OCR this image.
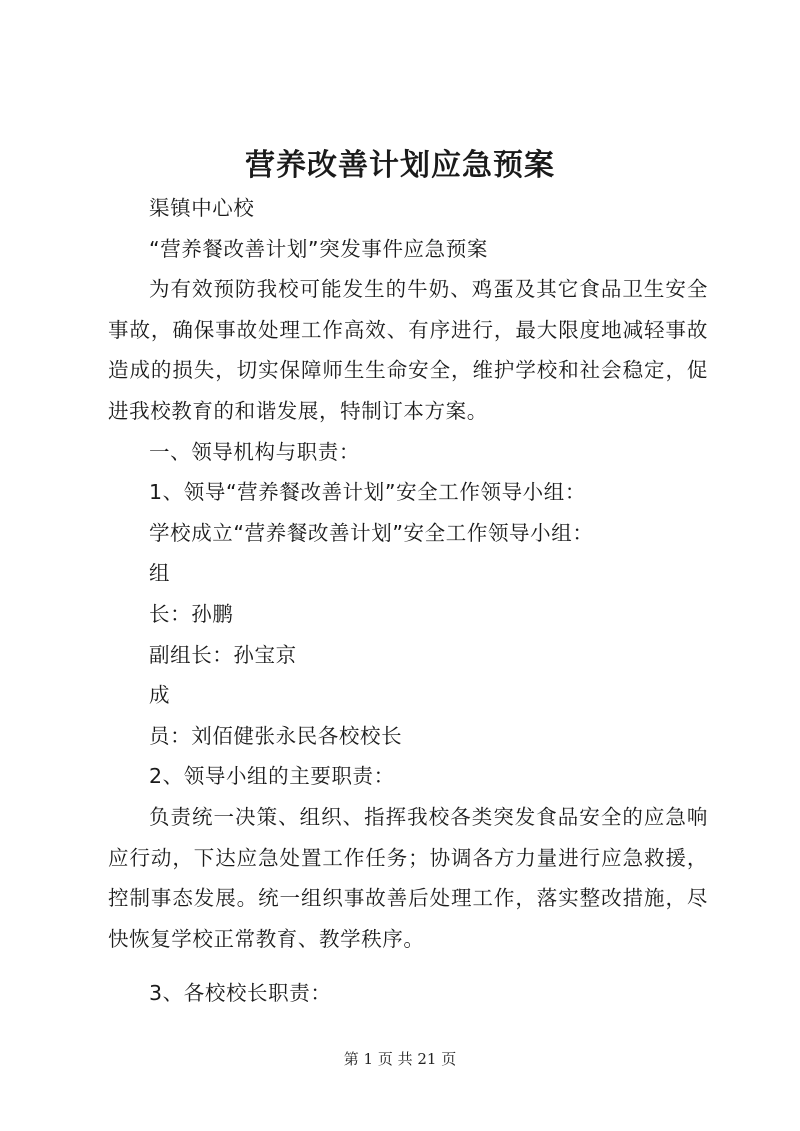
营养改善计划应急预案

渠镇中心校

“营养餐改善计划”突发事件应急预案

为有效预防我校可能发生的牛奶、鸡蛋及其它食品卫生安全事故，确保事故处理工作高效、有序进行，最大限度地减轻事故造成的损失，切实保障师生生命安全，维护学校和社会稳定，促进我校教育的和谐发展，特制订本方案。

一、领导机构与职责：

1、领导“营养餐改善计划”安全工作领导小组：

学校成立“营养餐改善计划”安全工作领导小组：

组

长：孙鹏

副组长：孙宝京

成

员：刘佰健张永民各校校长

2、领导小组的主要职责：

负责统一决策、组织、指挥我校各类突发食品安全的应急响应行动，下达应急处置工作任务；协调各方力量进行应急救援，控制事态发展。统一组织事故善后处理工作，落实整改措施，尽快恢复学校正常教育、教学秩序。

3、各校校长职责：

第 1 页 共 21 页
